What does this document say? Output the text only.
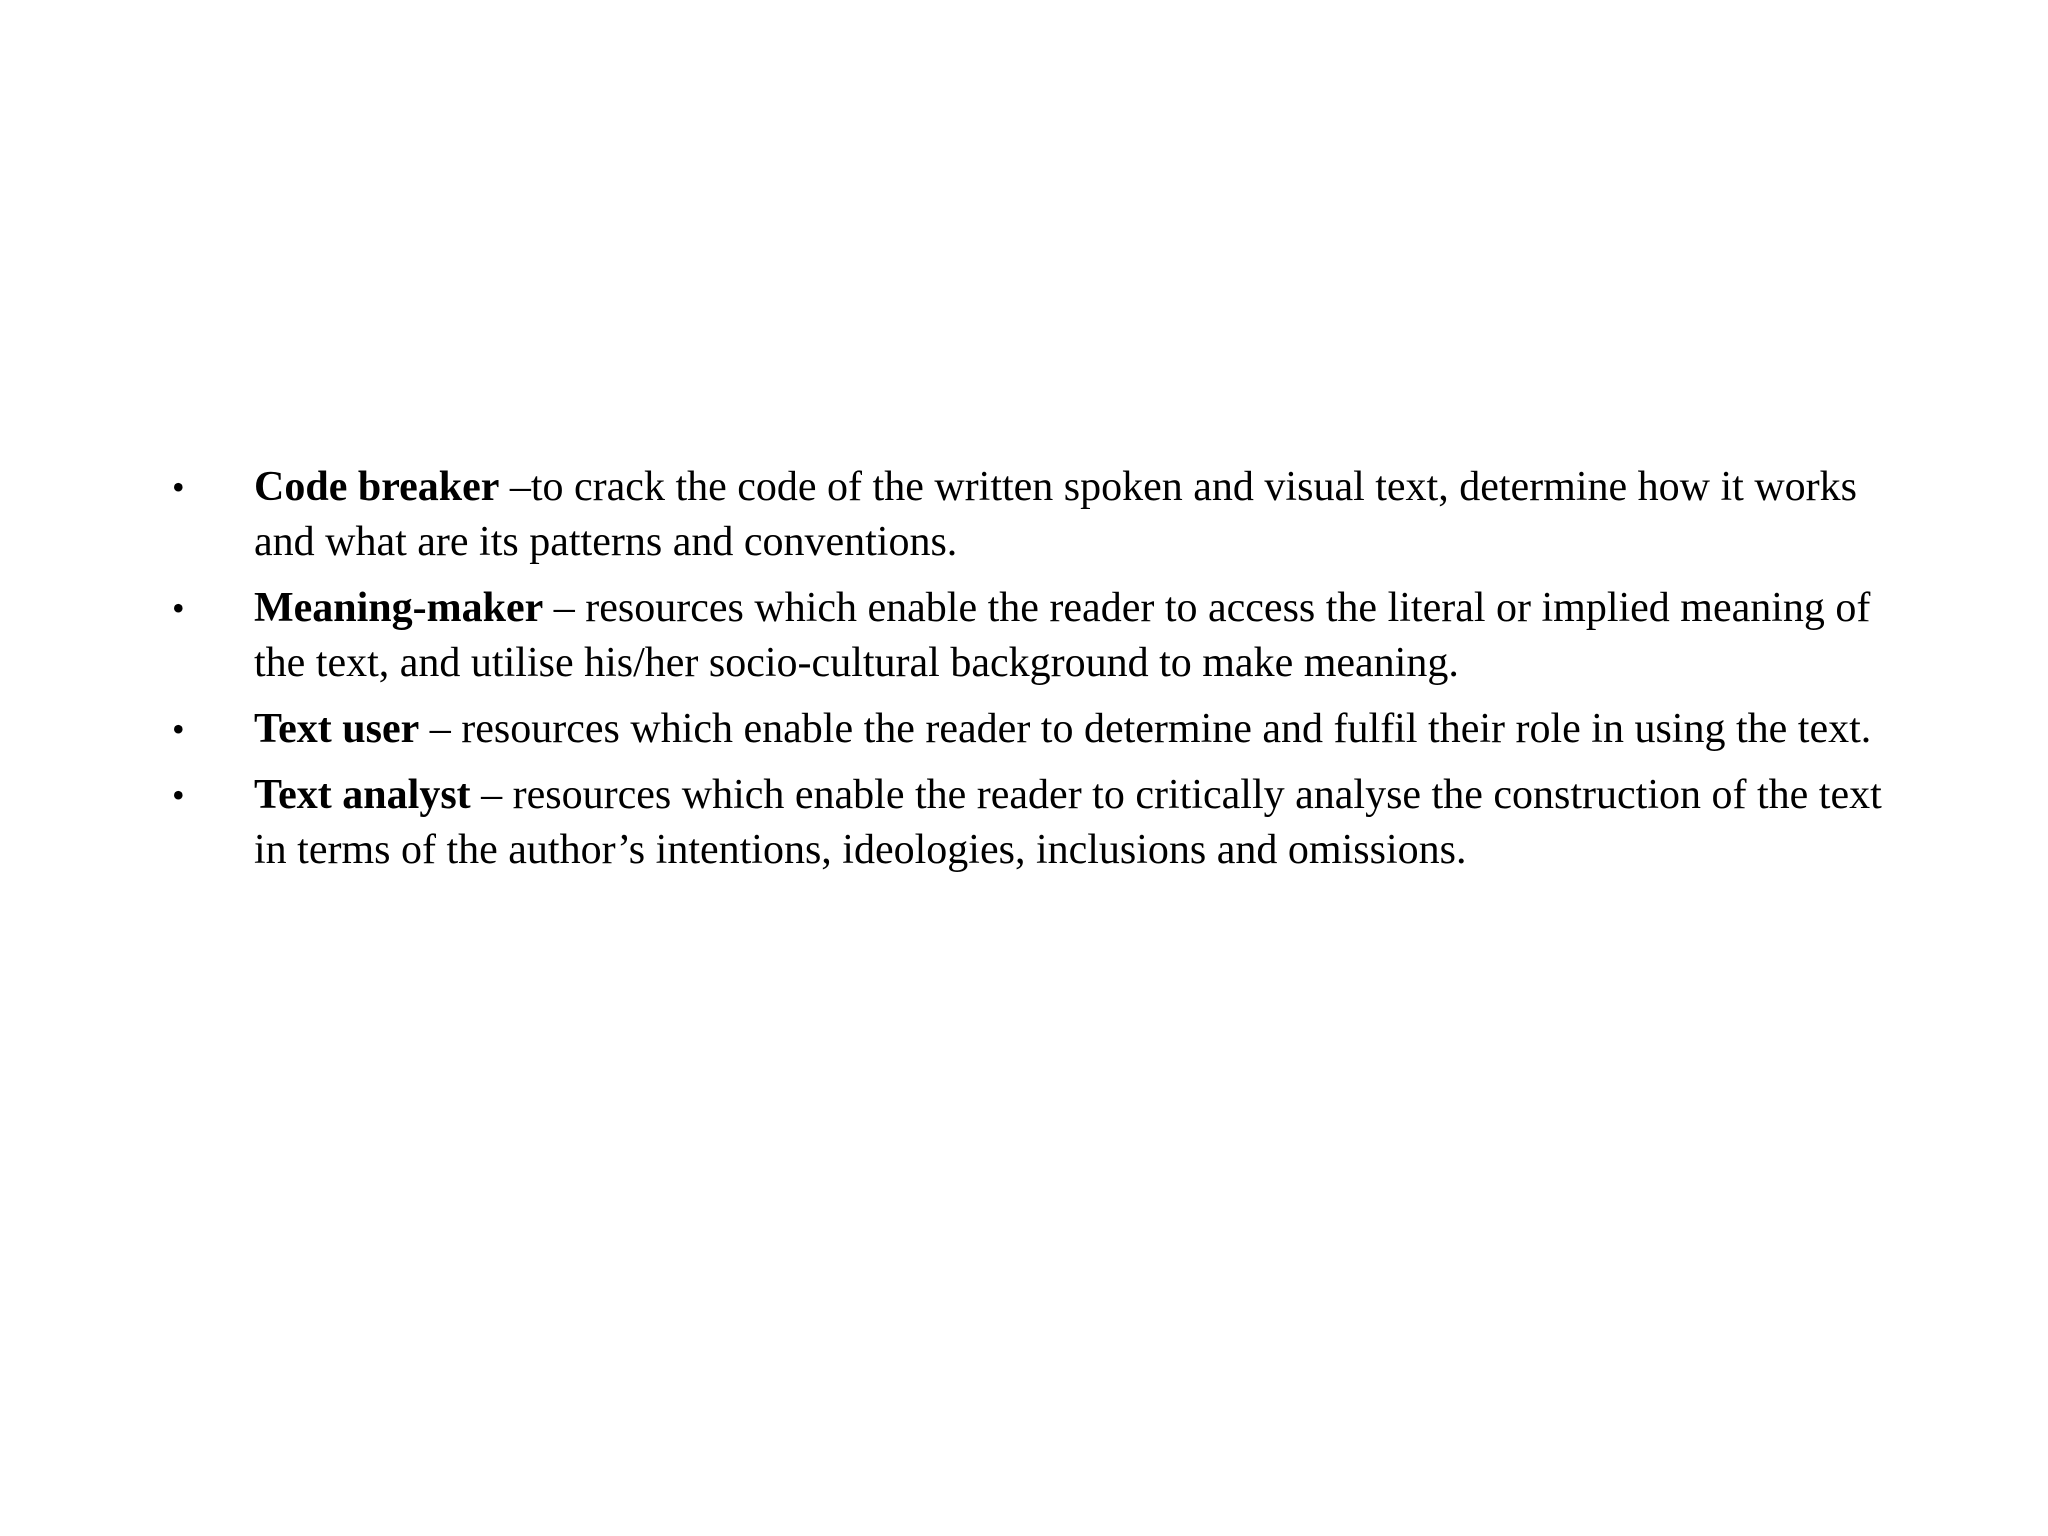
•	Code breaker –to crack the code of the written spoken and visual text, determine how it works and what are its patterns and conventions.
•	Meaning-maker – resources which enable the reader to access the literal or implied meaning of the text, and utilise his/her socio-cultural background to make meaning.
•	Text user – resources which enable the reader to determine and fulfil their role in using the text.
•	Text analyst – resources which enable the reader to critically analyse the construction of the text in terms of the author’s intentions, ideologies, inclusions and omissions.
